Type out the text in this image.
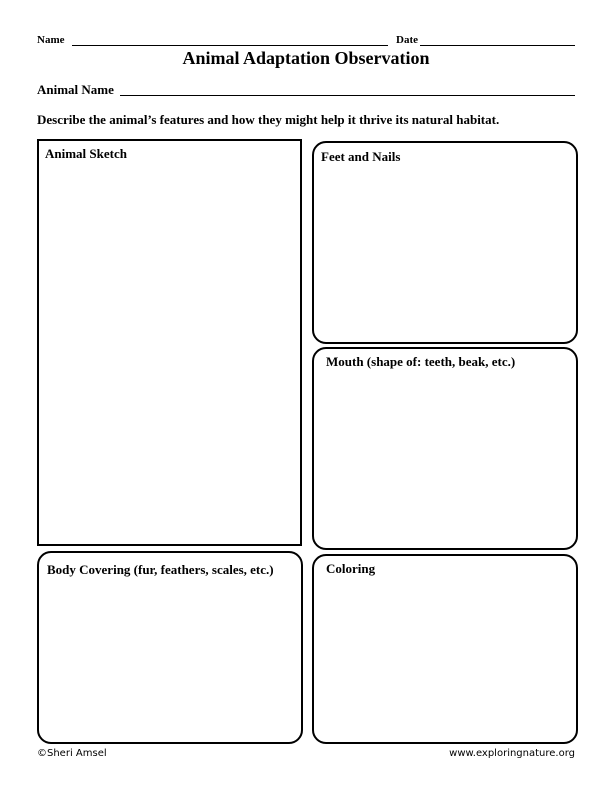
Name	Date
Animal Adaptation Observation
Animal Name
Describe the animal’s features and how they might help it thrive its natural habitat.
Animal Sketch	Feet and Nails
Mouth (shape of: teeth, beak, etc.)
Body Covering (fur, feathers, scales, etc.)	Coloring
©Sheri Amsel	www.exploringnature.org
